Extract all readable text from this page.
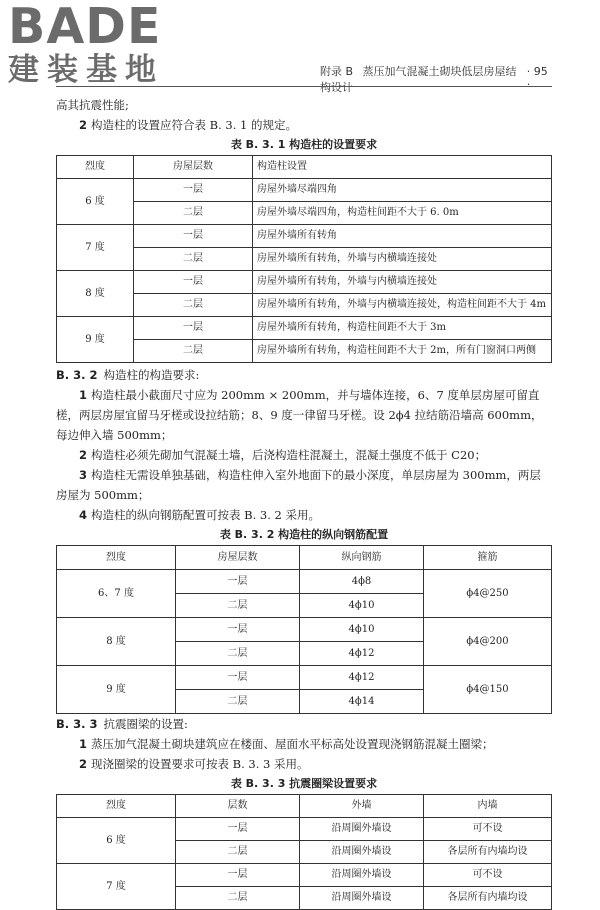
BADE
建装基地	附录 B 蒸压加气混凝土砌块低层房屋结构设计
· 95 ·

高其抗震性能;

2 构造柱的设置应符合表 B. 3. 1 的规定。

表 B. 3. 1 构造柱的设置要求

烈度	房屋层数	构造柱设置
6 度	一层	房屋外墙尽端四角
	二层	房屋外墙尽端四角，构造柱间距不大于 6. 0m
7 度	一层	房屋外墙所有转角
	二层	房屋外墙所有转角，外墙与内横墙连接处
8 度	一层	房屋外墙所有转角，外墙与内横墙连接处
	二层	房屋外墙所有转角，外墙与内横墙连接处，构造柱间距不大于 4m
9 度	一层	房屋外墙所有转角，构造柱间距不大于 3m
	二层	房屋外墙所有转角，构造柱间距不大于 2m，所有门窗洞口两侧

B. 3. 2 构造柱的构造要求:

1 构造柱最小截面尺寸应为 200mm × 200mm，并与墙体连接，6、7 度单层房屋可留直槎，两层房屋宜留马牙槎或设拉结筋；8、9 度一律留马牙槎。设 2ϕ4 拉结筋沿墙高 600mm，每边伸入墙 500mm；

2 构造柱必须先砌加气混凝土墙，后浇构造柱混凝土，混凝土强度不低于 C20；

3 构造柱无需设单独基础，构造柱伸入室外地面下的最小深度，单层房屋为 300mm，两层房屋为 500mm；

4 构造柱的纵向钢筋配置可按表 B. 3. 2 采用。

表 B. 3. 2 构造柱的纵向钢筋配置

烈度	房屋层数	纵向钢筋	箍筋
6、7 度	一层	4ϕ8	ϕ4@250
	二层	4ϕ10	
8 度	一层	4ϕ10	ϕ4@200
	二层	4ϕ12	
9 度	一层	4ϕ12	ϕ4@150
	二层	4ϕ14	

B. 3. 3 抗震圈梁的设置:

1 蒸压加气混凝土砌块建筑应在楼面、屋面水平标高处设置现浇钢筋混凝土圈梁；

2 现浇圈梁的设置要求可按表 B. 3. 3 采用。

表 B. 3. 3 抗震圈梁设置要求

烈度	层数	外墙	内墙
6 度	一层	沿周圈外墙设	可不设
	二层	沿周圈外墙设	各层所有内墙均设
7 度	一层	沿周圈外墙设	可不设
	二层	沿周圈外墙设	各层所有内墙均设
